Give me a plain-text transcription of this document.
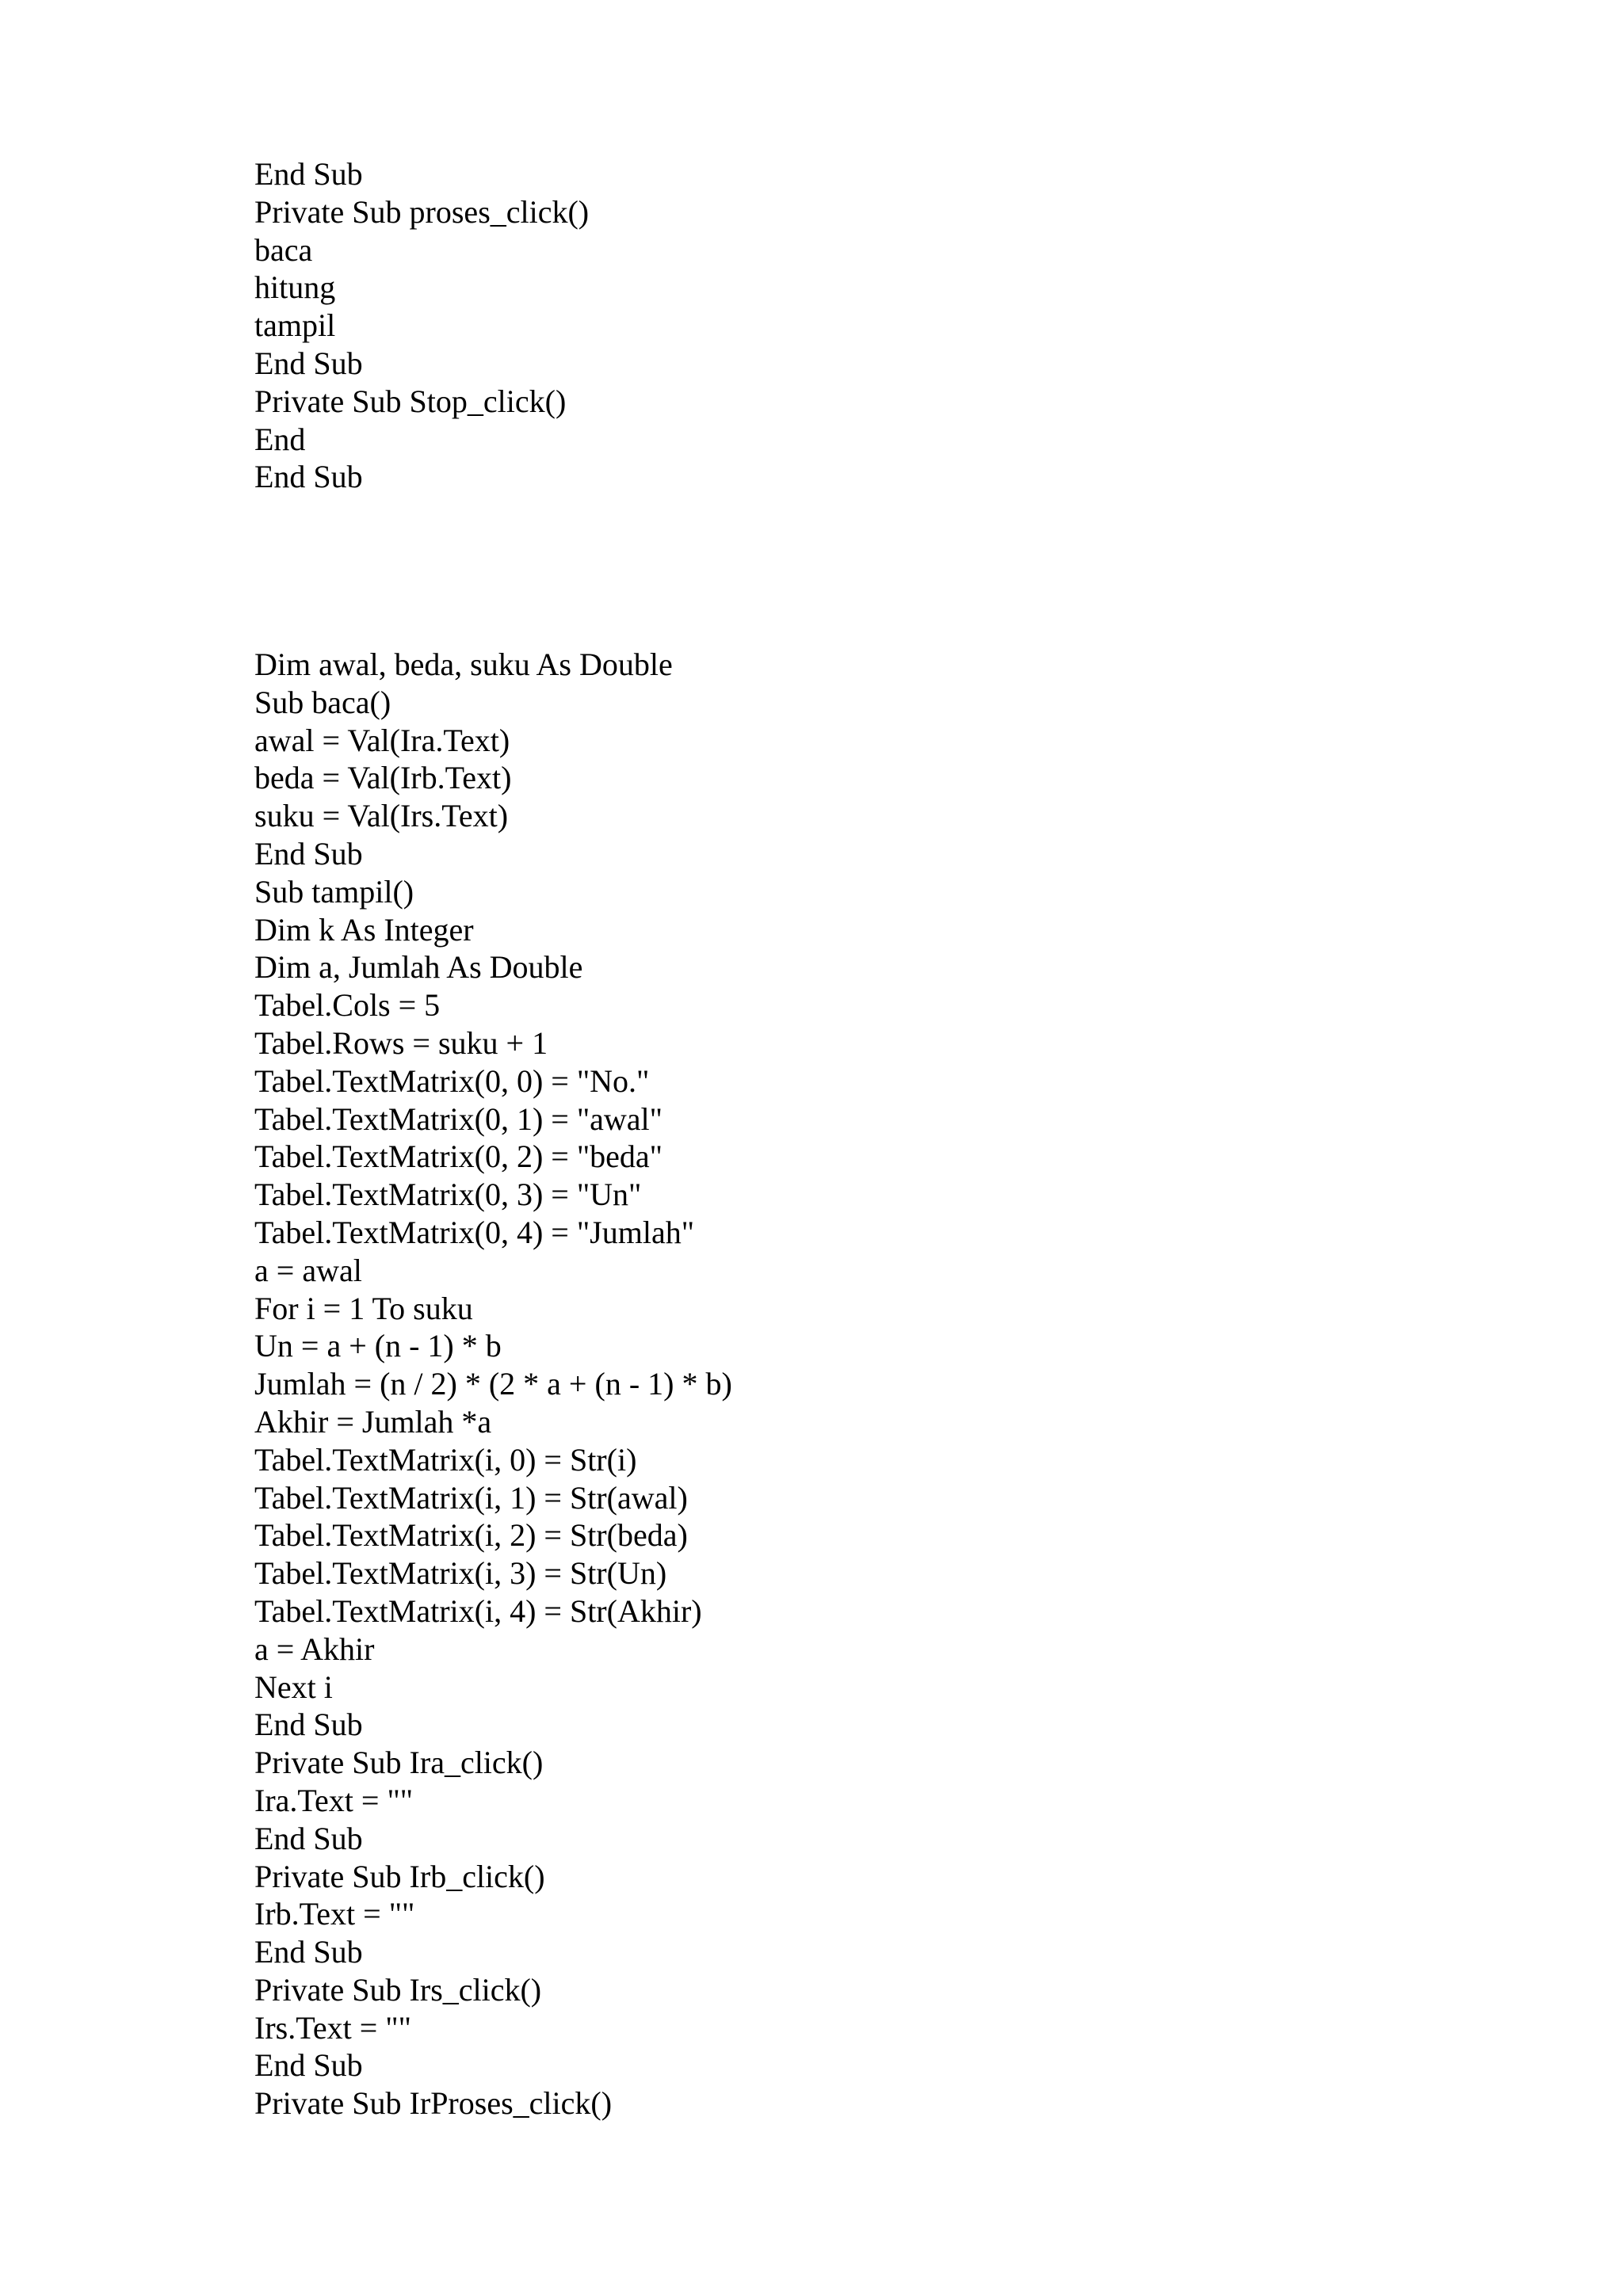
End Sub
Private Sub proses_click()
baca
hitung
tampil
End Sub
Private Sub Stop_click()
End
End Sub
Dim awal, beda, suku As Double
Sub baca()
awal = Val(Ira.Text)
beda = Val(Irb.Text)
suku = Val(Irs.Text)
End Sub
Sub tampil()
Dim k As Integer
Dim a, Jumlah As Double
Tabel.Cols = 5
Tabel.Rows = suku + 1
Tabel.TextMatrix(0, 0) = "No."
Tabel.TextMatrix(0, 1) = "awal"
Tabel.TextMatrix(0, 2) = "beda"
Tabel.TextMatrix(0, 3) = "Un"
Tabel.TextMatrix(0, 4) = "Jumlah"
a = awal
For i = 1 To suku
Un = a + (n - 1) * b
Jumlah = (n / 2) * (2 * a + (n - 1) * b)
Akhir = Jumlah *a
Tabel.TextMatrix(i, 0) = Str(i)
Tabel.TextMatrix(i, 1) = Str(awal)
Tabel.TextMatrix(i, 2) = Str(beda)
Tabel.TextMatrix(i, 3) = Str(Un)
Tabel.TextMatrix(i, 4) = Str(Akhir)
a = Akhir
Next i
End Sub
Private Sub Ira_click()
Ira.Text = ""
End Sub
Private Sub Irb_click()
Irb.Text = ""
End Sub
Private Sub Irs_click()
Irs.Text = ""
End Sub
Private Sub IrProses_click()
